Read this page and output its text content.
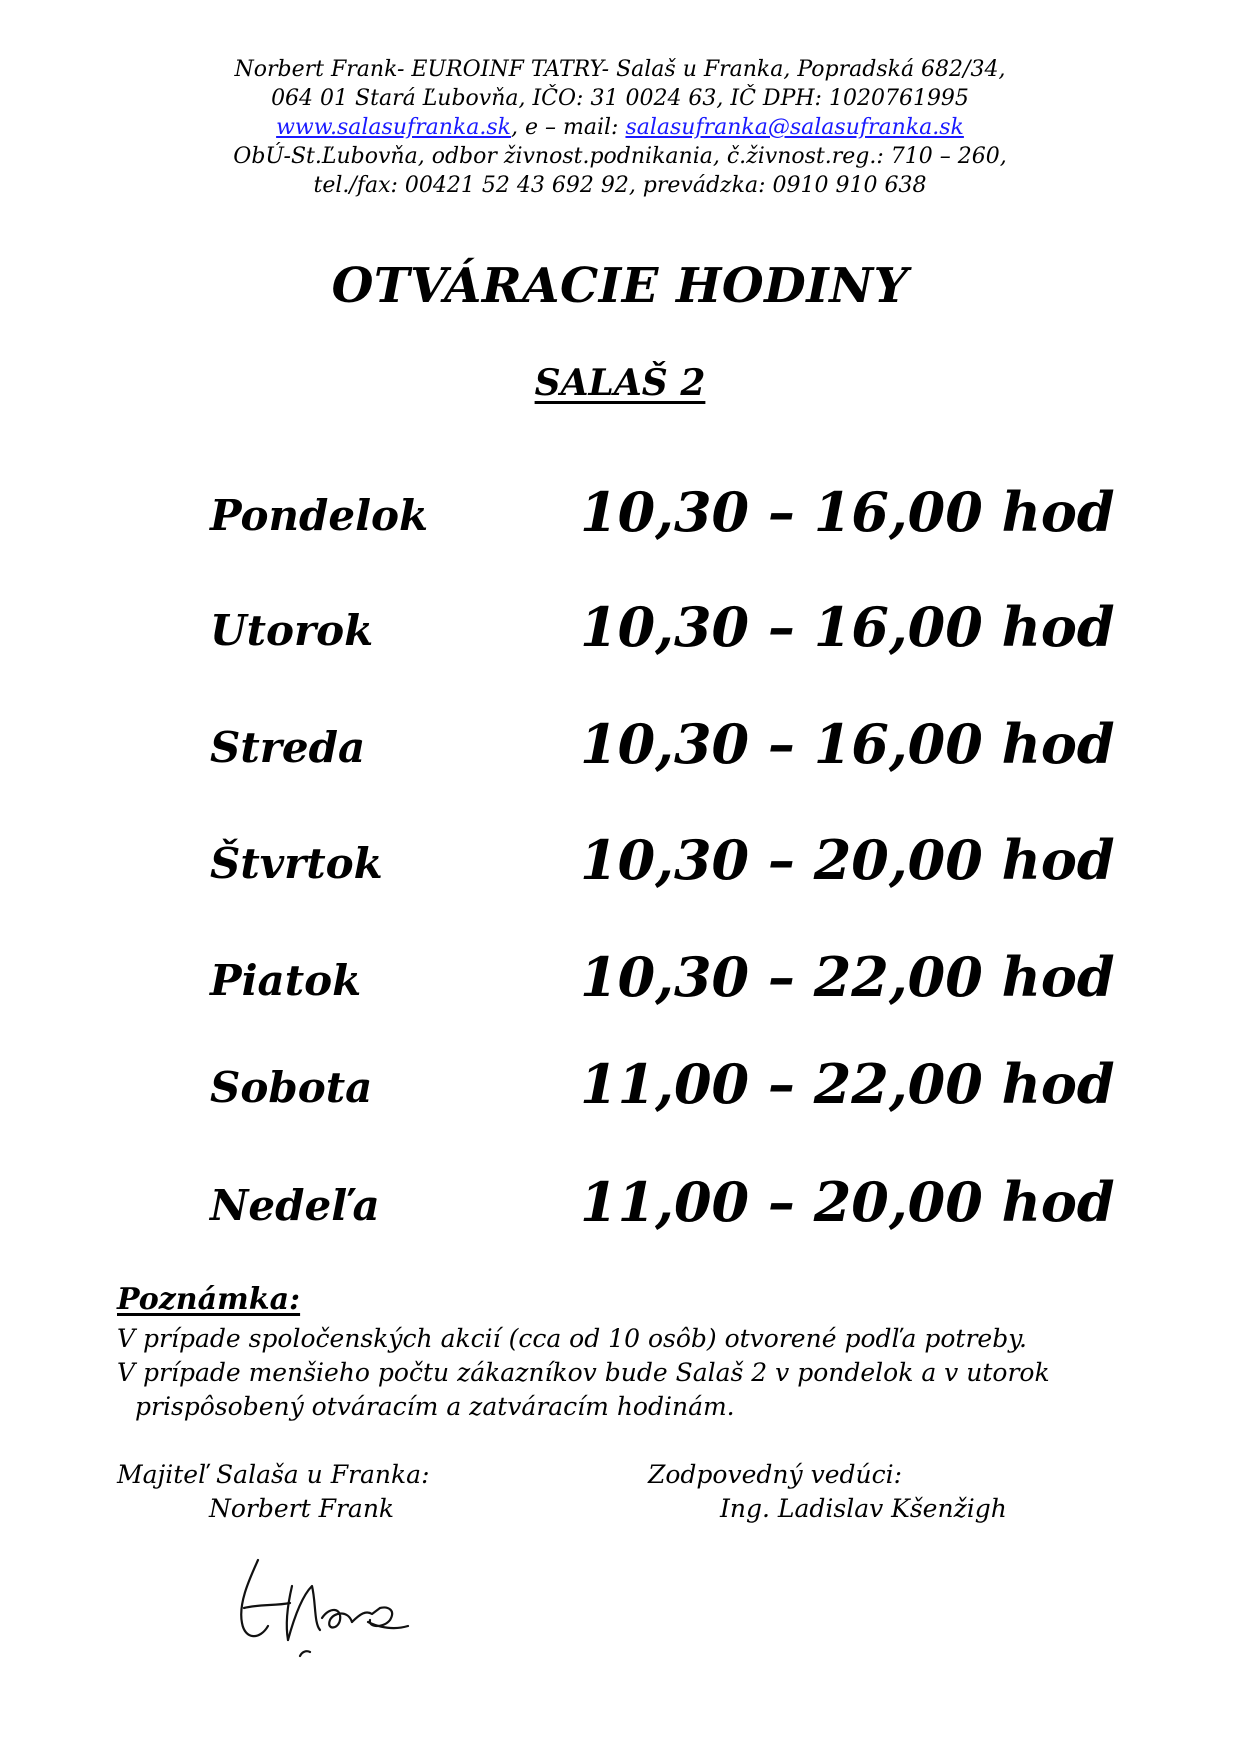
Norbert Frank- EUROINF TATRY- Salaš u Franka, Popradská 682/34,
064 01 Stará Ľubovňa, IČO: 31 0024 63, IČ DPH: 1020761995
www.salasufranka.sk, e – mail: salasufranka@salasufranka.sk
ObÚ-St.Ľubovňa, odbor živnost.podnikania, č.živnost.reg.: 710 – 260,
tel./fax: 00421 52 43 692 92, prevádzka: 0910 910 638
OTVÁRACIE HODINY
SALAŠ 2
Pondelok	10,30 – 16,00 hod
Utorok	10,30 – 16,00 hod
Streda	10,30 – 16,00 hod
Štvrtok	10,30 – 20,00 hod
Piatok	10,30 – 22,00 hod
Sobota	11,00 – 22,00 hod
Nedeľa	11,00 – 20,00 hod
Poznámka:
V prípade spoločenských akcií (cca od 10 osôb) otvorené podľa potreby.
V prípade menšieho počtu zákazníkov bude Salaš 2 v pondelok a v utorok
prispôsobený otváracím a zatváracím hodinám.
Majiteľ Salaša u Franka:
Norbert Frank
Zodpovedný vedúci:
Ing. Ladislav Kšenžigh
